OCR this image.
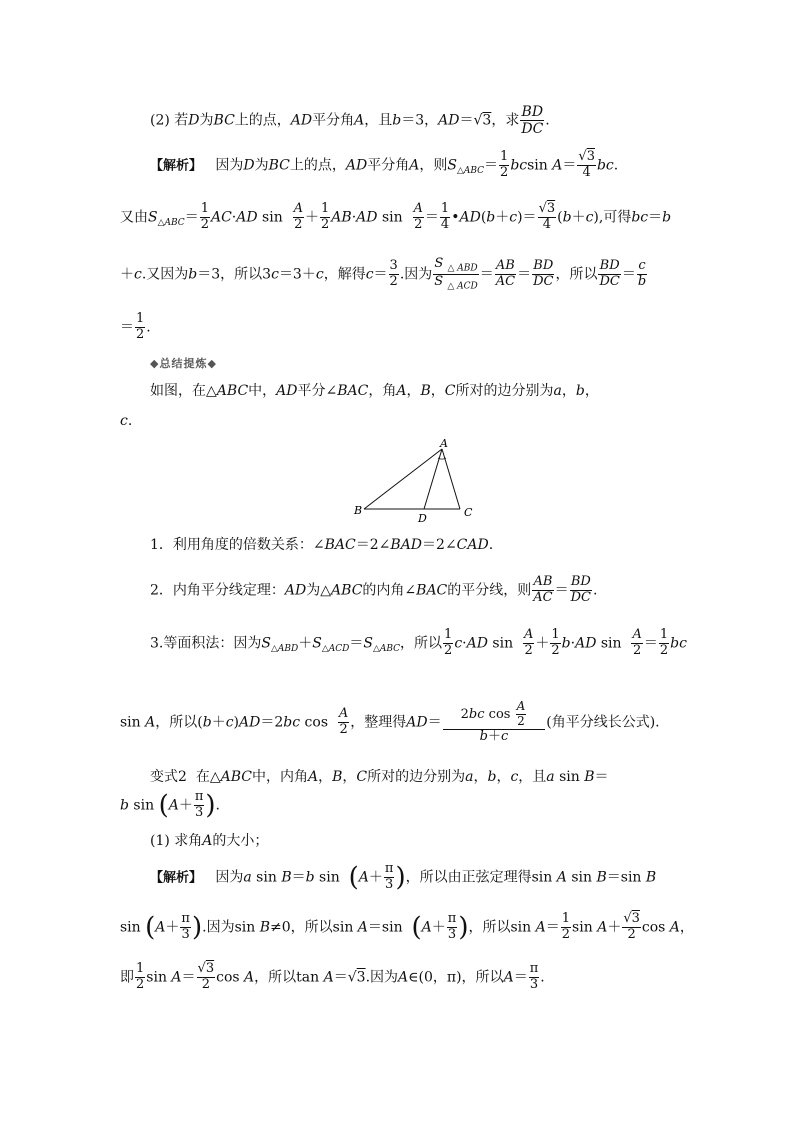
(2) 若D为BC上的点，AD平分角A，且b＝3，AD＝√3，求 $\frac{BD}{DC}$ .
【解析】   因为D为BC上的点，AD平分角A，则$S_{\triangle ABC}= \frac{1}{2}$ bcsin $A= \frac{√3}{4}$ bc.
又由$S_{\triangle ABC}= \frac{1}{2} AC\cdot AD$ $\sin \frac{A}{2} + \frac{1}{2} AB\cdot AD$ $\sin \frac{A}{2} = \frac{1}{4}$ •AD(b＋c)＝ $\frac{√3}{4} (b+c)$,可得bc＝b
＋c.又因为b＝3，所以3c＝3＋c，解得$c= \frac{3}{2}$ .因为 $\frac{S _{\triangle ABD}}{S _{\triangle ACD}} = \frac{AB}{AC} = \frac{BD}{DC}$ ，所以 $\frac{BD}{DC} = \frac{c}{b}$
＝ $\frac{1}{2}$ .
◆总结提炼◆
如图，在△ABC中，AD平分∠BAC，角A，B，C所对的边分别为a，b，
c.
A
B	C
D
1．利用角度的倍数关系：∠BAC＝2∠BAD＝2∠CAD.
2．内角平分线定理：AD为△ABC的内角∠BAC的平分线，则 $\frac{AB}{AC} = \frac{BD}{DC}$ .
3.等面积法：因为$S_{\triangle ABD}+S_{\triangle ACD}=S_{\triangle ABC}$，所以 $\frac{1}{2} c\cdot AD$ $\sin \frac{A}{2} + \frac{1}{2} b\cdot AD$ $\sin \frac{A}{2} = \frac{1}{2}$ bc
sin A，所以(b＋c)AD＝2bc $\cos \frac{A}{2}$ ，整理得$AD= \frac{2bc \cos \frac{A}{2}}{b+c}$ (角平分线长公式).
变式2  在△ABC中，内角A，B，C所对的边分别为a，b，c，且a sin B＝
b $\sin (A+ \frac{\pi}{3}$ ).
(1) 求角A的大小；
【解析】   因为a sin B＝b $\sin (A+ \frac{\pi}{3}$ )，所以由正弦定理得sin A sin B＝sin B
$\sin (A+ \frac{\pi}{3}$ ).因为sin B≠0，所以sin A＝sin  ($A+ \frac{\pi}{3}$ )，所以$\sin A= \frac{1}{2}$ $\sin A+ \frac{√3}{2}$ cos A，
即 $\frac{1}{2}$ $\sin A= \frac{√3}{2}$ cos A，所以tan A＝√3.因为A∈(0，π)，所以$A= \frac{\pi}{3}$ .
